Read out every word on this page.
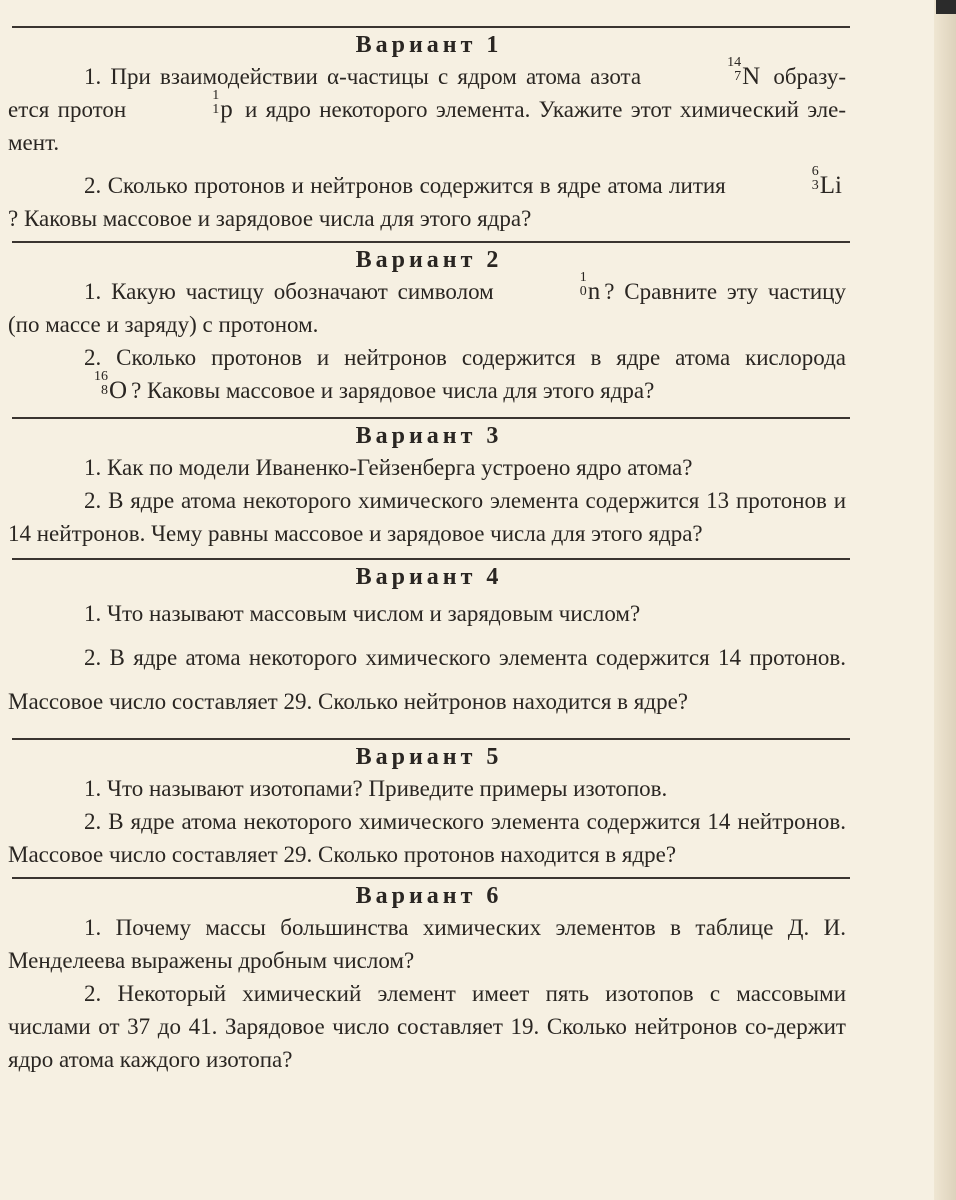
Вариант 1

1. При взаимодействии α-частицы с ядром атома азота
14
7 N образу-ется протон
1
1 p и ядро некоторого элемента. Укажите этот химический эле-мент.

2. Сколько протонов и нейтронов содержится в ядре атома лития
6
3 Li? Каковы массовое и зарядовое числа для этого ядра?

Вариант 2

1. Какую частицу обозначают символом
1
0 n ? Сравните эту частицу (по массе и заряду) с протоном.

2. Сколько протонов и нейтронов содержится в ядре атома кислорода
16
8 O ? Каковы массовое и зарядовое числа для этого ядра?

Вариант 3

1. Как по модели Иваненко-Гейзенберга устроено ядро атома?

2. В ядре атома некоторого химического элемента содержится 13 протонов и 14 нейтронов. Чему равны массовое и зарядовое числа для этого ядра?

Вариант 4

1. Что называют массовым числом и зарядовым числом?

2. В ядре атома некоторого химического элемента содержится 14 протонов. Массовое число составляет 29. Сколько нейтронов находится в ядре?

Вариант 5

1. Что называют изотопами? Приведите примеры изотопов.

2. В ядре атома некоторого химического элемента содержится 14 нейтронов. Массовое число составляет 29. Сколько протонов находится в ядре?

Вариант 6

1. Почему массы большинства химических элементов в таблице Д. И. Менделеева выражены дробным числом?

2. Некоторый химический элемент имеет пять изотопов с массовыми числами от 37 до 41. Зарядовое число составляет 19. Сколько нейтронов со-держит ядро атома каждого изотопа?
